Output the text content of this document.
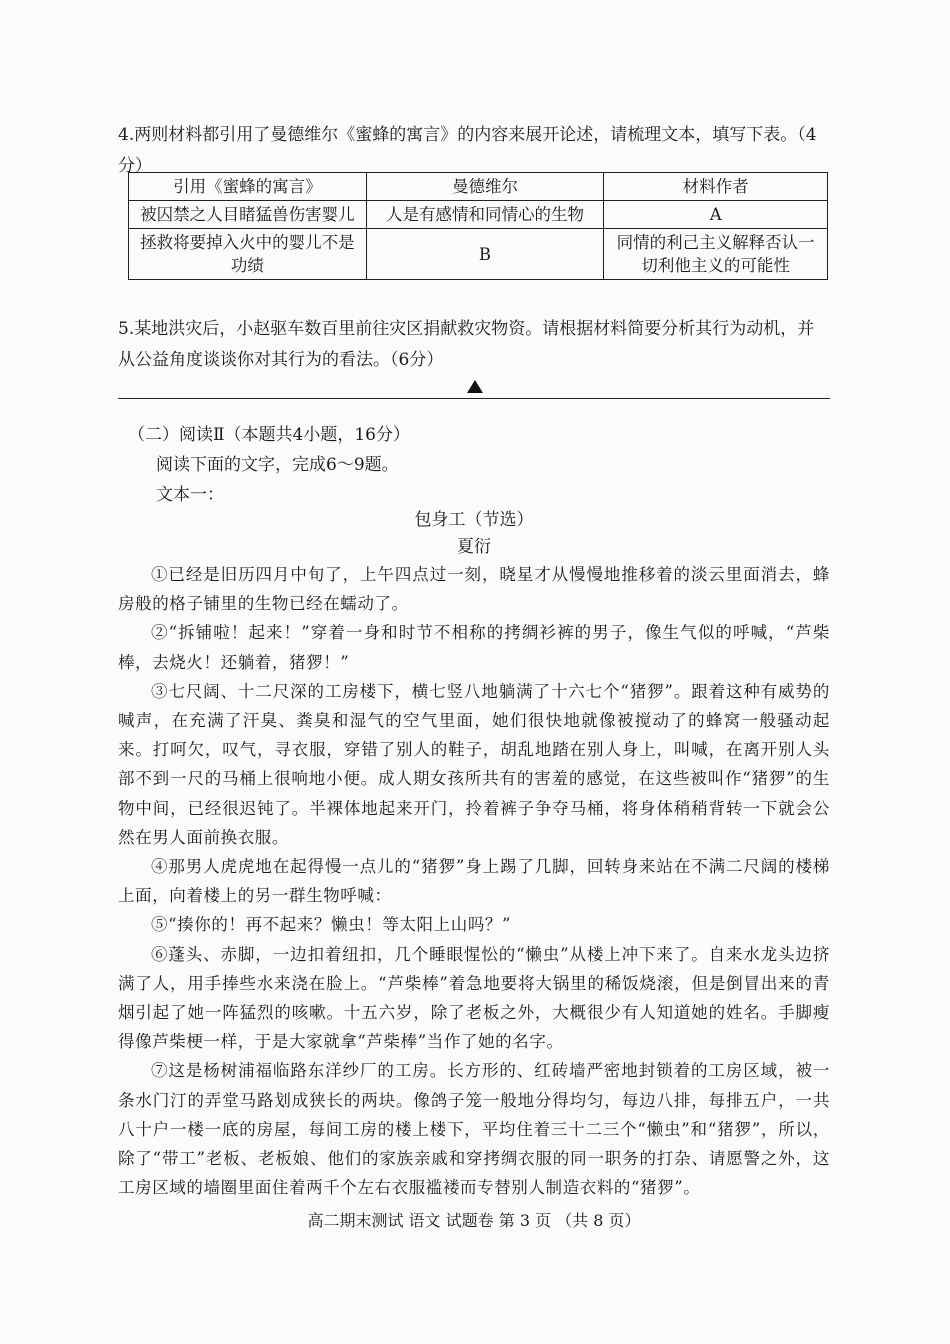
4.两则材料都引用了曼德维尔《蜜蜂的寓言》的内容来展开论述，请梳理文本，填写下表。（4分）
引用《蜜蜂的寓言》	曼德维尔	材料作者
被囚禁之人目睹猛兽伤害婴儿	人是有感情和同情心的生物	A
拯救将要掉入火中的婴儿不是功绩	B	同情的利己主义解释否认一切利他主义的可能性
5.某地洪灾后，小赵驱车数百里前往灾区捐献救灾物资。请根据材料简要分析其行为动机，并从公益角度谈谈你对其行为的看法。（6分）
（二）阅读Ⅱ（本题共4小题，16分）
阅读下面的文字，完成6～9题。
文本一：
包身工（节选）
夏衍

①已经是旧历四月中旬了，上午四点过一刻，晓星才从慢慢地推移着的淡云里面消去，蜂房般的格子铺里的生物已经在蠕动了。

②“拆铺啦！起来！”穿着一身和时节不相称的拷绸衫裤的男子，像生气似的呼喊，“芦柴棒，去烧火！还躺着，猪猡！”

③七尺阔、十二尺深的工房楼下，横七竖八地躺满了十六七个“猪猡”。跟着这种有威势的喊声，在充满了汗臭、粪臭和湿气的空气里面，她们很快地就像被搅动了的蜂窝一般骚动起来。打呵欠，叹气，寻衣服，穿错了别人的鞋子，胡乱地踏在别人身上，叫喊，在离开别人头部不到一尺的马桶上很响地小便。成人期女孩所共有的害羞的感觉，在这些被叫作“猪猡”的生物中间，已经很迟钝了。半裸体地起来开门，拎着裤子争夺马桶，将身体稍稍背转一下就会公然在男人面前换衣服。

④那男人虎虎地在起得慢一点儿的“猪猡”身上踢了几脚，回转身来站在不满二尺阔的楼梯上面，向着楼上的另一群生物呼喊：

⑤“揍你的！再不起来？懒虫！等太阳上山吗？”

⑥蓬头、赤脚，一边扣着纽扣，几个睡眼惺忪的“懒虫”从楼上冲下来了。自来水龙头边挤满了人，用手捧些水来浇在脸上。“芦柴棒”着急地要将大锅里的稀饭烧滚，但是倒冒出来的青烟引起了她一阵猛烈的咳嗽。十五六岁，除了老板之外，大概很少有人知道她的姓名。手脚瘦得像芦柴梗一样，于是大家就拿“芦柴棒”当作了她的名字。

⑦这是杨树浦福临路东洋纱厂的工房。长方形的、红砖墙严密地封锁着的工房区域，被一条水门汀的弄堂马路划成狭长的两块。像鸽子笼一般地分得均匀，每边八排，每排五户，一共八十户一楼一底的房屋，每间工房的楼上楼下，平均住着三十二三个“懒虫”和“猪猡”，所以，除了“带工”老板、老板娘、他们的家族亲戚和穿拷绸衣服的同一职务的打杂、请愿警之外，这工房区域的墙圈里面住着两千个左右衣服褴褛而专替别人制造衣料的“猪猡”。

高二期末测试 语文 试题卷 第 3 页 （共 8 页）
